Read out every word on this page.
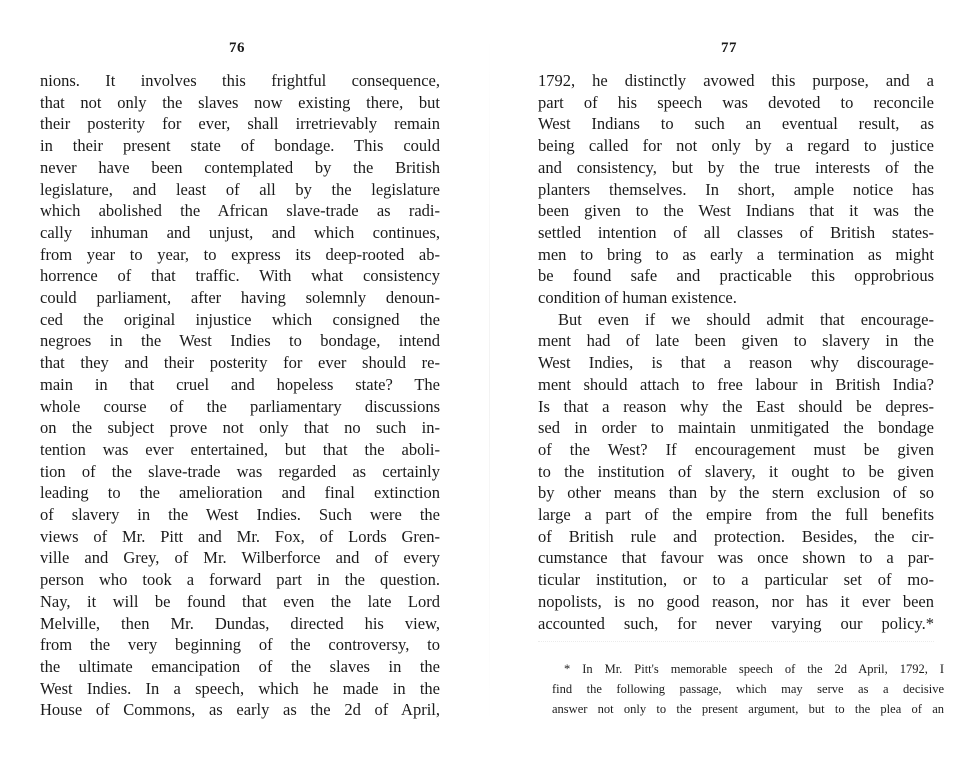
76
nions. It involves this frightful consequence,
that not only the slaves now existing there, but
their posterity for ever, shall irretrievably remain
in their present state of bondage. This could
never have been contemplated by the British
legislature, and least of all by the legislature
which abolished the African slave-trade as radi-
cally inhuman and unjust, and which continues,
from year to year, to express its deep-rooted ab-
horrence of that traffic. With what consistency
could parliament, after having solemnly denoun-
ced the original injustice which consigned the
negroes in the West Indies to bondage, intend
that they and their posterity for ever should re-
main in that cruel and hopeless state? The
whole course of the parliamentary discussions
on the subject prove not only that no such in-
tention was ever entertained, but that the aboli-
tion of the slave-trade was regarded as certainly
leading to the amelioration and final extinction
of slavery in the West Indies. Such were the
views of Mr. Pitt and Mr. Fox, of Lords Gren-
ville and Grey, of Mr. Wilberforce and of every
person who took a forward part in the question.
Nay, it will be found that even the late Lord
Melville, then Mr. Dundas, directed his view,
from the very beginning of the controversy, to
the ultimate emancipation of the slaves in the
West Indies. In a speech, which he made in the
House of Commons, as early as the 2d of April,
77
1792, he distinctly avowed this purpose, and a
part of his speech was devoted to reconcile
West Indians to such an eventual result, as
being called for not only by a regard to justice
and consistency, but by the true interests of the
planters themselves. In short, ample notice has
been given to the West Indians that it was the
settled intention of all classes of British states-
men to bring to as early a termination as might
be found safe and practicable this opprobrious
condition of human existence.
But even if we should admit that encourage-
ment had of late been given to slavery in the
West Indies, is that a reason why discourage-
ment should attach to free labour in British India?
Is that a reason why the East should be depres-
sed in order to maintain unmitigated the bondage
of the West? If encouragement must be given
to the institution of slavery, it ought to be given
by other means than by the stern exclusion of so
large a part of the empire from the full benefits
of British rule and protection. Besides, the cir-
cumstance that favour was once shown to a par-
ticular institution, or to a particular set of mo-
nopolists, is no good reason, nor has it ever been
accounted such, for never varying our policy.*
* In Mr. Pitt's memorable speech of the 2d April, 1792, I
find the following passage, which may serve as a decisive
answer not only to the present argument, but to the plea of an
